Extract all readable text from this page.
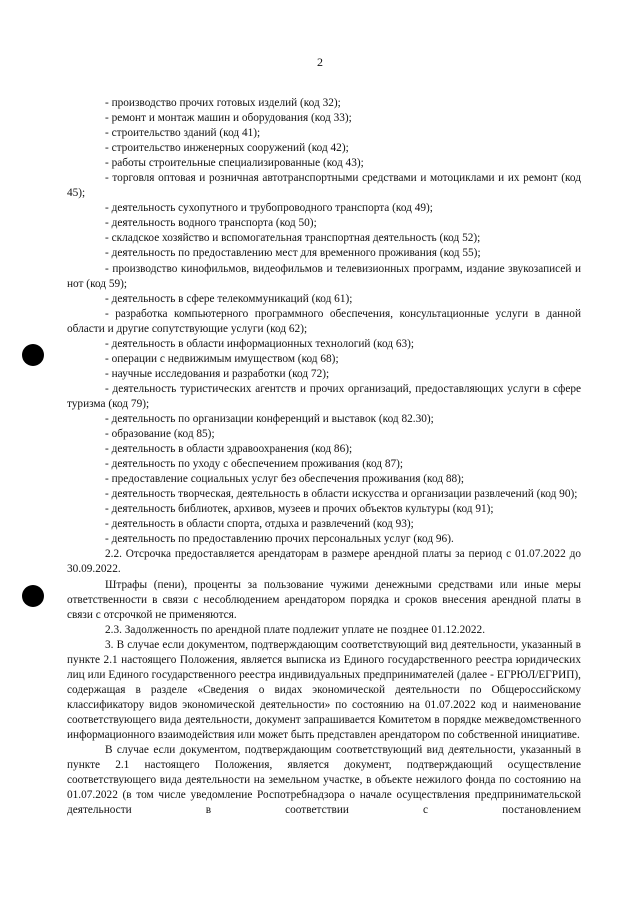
2

- производство прочих готовых изделий (код 32);

- ремонт и монтаж машин и оборудования (код 33);

- строительство зданий (код 41);

- строительство инженерных сооружений (код 42);

- работы строительные специализированные (код 43);

- торговля оптовая и розничная автотранспортными средствами и мотоциклами и их ремонт (код 45);

- деятельность сухопутного и трубопроводного транспорта (код 49);

- деятельность водного транспорта (код 50);

- складское хозяйство и вспомогательная транспортная деятельность (код 52);

- деятельность по предоставлению мест для временного проживания (код 55);

- производство кинофильмов, видеофильмов и телевизионных программ, издание звукозаписей и нот (код 59);

- деятельность в сфере телекоммуникаций (код 61);

- разработка компьютерного программного обеспечения, консультационные услуги в данной области и другие сопутствующие услуги (код 62);

- деятельность в области информационных технологий (код 63);

- операции с недвижимым имуществом (код 68);

- научные исследования и разработки (код 72);

- деятельность туристических агентств и прочих организаций, предоставляющих услуги в сфере туризма (код 79);

- деятельность по организации конференций и выставок (код 82.30);

- образование (код 85);

- деятельность в области здравоохранения (код 86);

- деятельность по уходу с обеспечением проживания (код 87);

- предоставление социальных услуг без обеспечения проживания (код 88);

- деятельность творческая, деятельность в области искусства и организации развлечений (код 90);

- деятельность библиотек, архивов, музеев и прочих объектов культуры (код 91);

- деятельность в области спорта, отдыха и развлечений (код 93);

- деятельность по предоставлению прочих персональных услуг (код 96).

2.2. Отсрочка предоставляется арендаторам в размере арендной платы за период с 01.07.2022 до 30.09.2022.

Штрафы (пени), проценты за пользование чужими денежными средствами или иные меры ответственности в связи с несоблюдением арендатором порядка и сроков внесения арендной платы в связи с отсрочкой не применяются.

2.3. Задолженность по арендной плате подлежит уплате не позднее 01.12.2022.

3. В случае если документом, подтверждающим соответствующий вид деятельности, указанный в пункте 2.1 настоящего Положения, является выписка из Единого государственного реестра юридических лиц или Единого государственного реестра индивидуальных предпринимателей (далее - ЕГРЮЛ/ЕГРИП), содержащая в разделе «Сведения о видах экономической деятельности по Общероссийскому классификатору видов экономической деятельности» по состоянию на 01.07.2022 код и наименование соответствующего вида деятельности, документ запрашивается Комитетом в порядке межведомственного информационного взаимодействия или может быть представлен арендатором по собственной инициативе.

В случае если документом, подтверждающим соответствующий вид деятельности, указанный в пункте 2.1 настоящего Положения, является документ, подтверждающий осуществление соответствующего вида деятельности на земельном участке, в объекте нежилого фонда по состоянию на 01.07.2022 (в том числе уведомление Роспотребнадзора о начале осуществления предпринимательской деятельности в соответствии с постановлением
